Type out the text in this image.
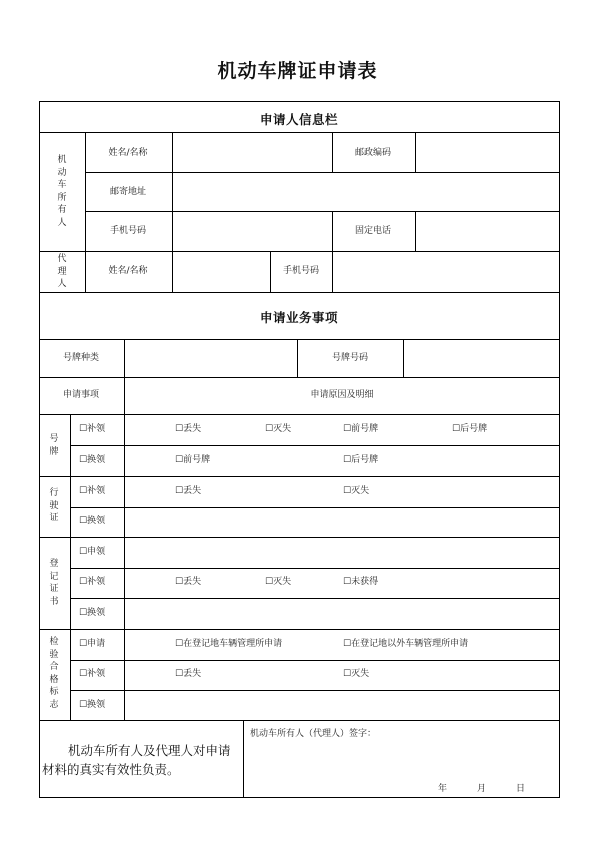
机动车牌证申请表
申请人信息栏
机动车所有人
姓名/名称	邮政编码
邮寄地址
手机号码	固定电话
代理人
姓名/名称	手机号码
申请业务事项
号牌种类	号牌号码
申请事项	申请原因及明细
号牌
☐补领	☐丢失	☐灭失	☐前号牌	☐后号牌
☐换领	☐前号牌	☐后号牌
行驶证
☐补领	☐丢失	☐灭失
☐换领
登记证书
☐申领
☐补领	☐丢失	☐灭失	☐未获得
☐换领
检验合格标志
☐申请	☐在登记地车辆管理所申请	☐在登记地以外车辆管理所申请
☐补领	☐丢失	☐灭失
☐换领
机动车所有人及代理人对申请材料的真实有效性负责。
机动车所有人（代理人）签字：
年	月	日
